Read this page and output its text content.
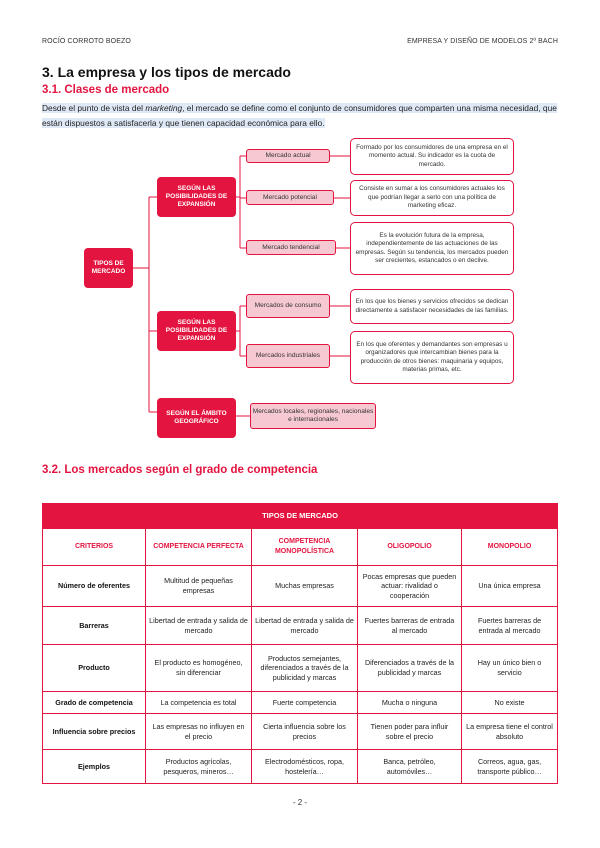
ROCÍO CORROTO BOEZO	EMPRESA Y DISEÑO DE MODELOS 2º BACH
3. La empresa y los tipos de mercado
3.1. Clases de mercado

Desde el punto de vista del marketing, el mercado se define como el conjunto de consumidores que comparten una misma necesidad, que están dispuestos a satisfacerla y que tienen capacidad económica para ello.

TIPOS DE MERCADO
SEGÚN LAS POSIBILIDADES DE EXPANSIÓN
SEGÚN LAS POSIBILIDADES DE EXPANSIÓN
SEGÚN EL ÁMBITO GEOGRÁFICO
Mercado actual
Mercado potencial
Mercado tendencial
Mercados de consumo
Mercados industriales
Mercados locales, regionales, nacionales e internacionales
Formado por los consumidores de una empresa en el momento actual. Su indicador es la cuota de mercado.
Consiste en sumar a los consumidores actuales los que podrían llegar a serlo con una política de marketing eficaz.
Es la evolución futura de la empresa, independientemente de las actuaciones de las empresas. Según su tendencia, los mercados pueden ser crecientes, estancados o en declive.
En los que los bienes y servicios ofrecidos se dedican directamente a satisfacer necesidades de las familias.
En los que oferentes y demandantes son empresas u organizadores que intercambian bienes para la producción de otros bienes: maquinaria y equipos, materias primas, etc.
3.2. Los mercados según el grado de competencia
TIPOS DE MERCADO				
CRITERIOS	COMPETENCIA PERFECTA	COMPETENCIA MONOPOLÍSTICA	OLIGOPOLIO	MONOPOLIO
Número de oferentes	Multitud de pequeñas empresas	Muchas empresas	Pocas empresas que pueden actuar: rivalidad o cooperación	Una única empresa
Barreras	Libertad de entrada y salida de mercado	Libertad de entrada y salida de mercado	Fuertes barreras de entrada al mercado	Fuertes barreras de entrada al mercado
Producto	El producto es homogéneo, sin diferenciar	Productos semejantes, diferenciados a través de la publicidad y marcas	Diferenciados a través de la publicidad y marcas	Hay un único bien o servicio
Grado de competencia	La competencia es total	Fuerte competencia	Mucha o ninguna	No existe
Influencia sobre precios	Las empresas no influyen en el precio	Cierta influencia sobre los precios	Tienen poder para influir sobre el precio	La empresa tiene el control absoluto
Ejemplos	Productos agrícolas, pesqueros, mineros…	Electrodomésticos, ropa, hostelería…	Banca, petróleo, automóviles…	Correos, agua, gas, transporte público…
- 2 -
